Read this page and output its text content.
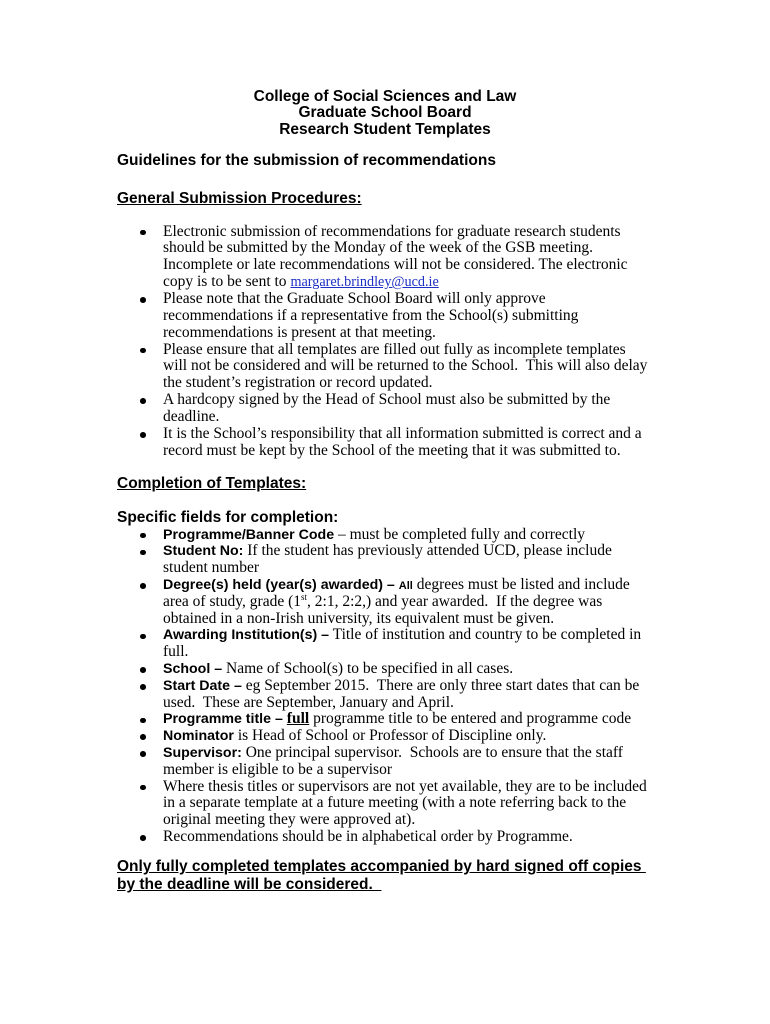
College of Social Sciences and Law
Graduate School Board
Research Student Templates
Guidelines for the submission of recommendations
General Submission Procedures:
Electronic submission of recommendations for graduate research students
should be submitted by the Monday of the week of the GSB meeting.
Incomplete or late recommendations will not be considered. The electronic
copy is to be sent to margaret.brindley@ucd.ie
Please note that the Graduate School Board will only approve
recommendations if a representative from the School(s) submitting
recommendations is present at that meeting.
Please ensure that all templates are filled out fully as incomplete templates
will not be considered and will be returned to the School.  This will also delay
the student’s registration or record updated.
A hardcopy signed by the Head of School must also be submitted by the
deadline.
It is the School’s responsibility that all information submitted is correct and a
record must be kept by the School of the meeting that it was submitted to.
Completion of Templates:
Specific fields for completion:
Programme/Banner Code – must be completed fully and correctly
Student No: If the student has previously attended UCD, please include
student number
Degree(s) held (year(s) awarded) – All degrees must be listed and include
area of study, grade (1st, 2:1, 2:2,) and year awarded.  If the degree was
obtained in a non-Irish university, its equivalent must be given.
Awarding Institution(s) – Title of institution and country to be completed in
full.
School – Name of School(s) to be specified in all cases.
Start Date – eg September 2015.  There are only three start dates that can be
used.  These are September, January and April.
Programme title – full programme title to be entered and programme code
Nominator is Head of School or Professor of Discipline only.
Supervisor: One principal supervisor.  Schools are to ensure that the staff
member is eligible to be a supervisor
Where thesis titles or supervisors are not yet available, they are to be included
in a separate template at a future meeting (with a note referring back to the
original meeting they were approved at).
Recommendations should be in alphabetical order by Programme.
Only fully completed templates accompanied by hard signed off copies
by the deadline will be considered.
